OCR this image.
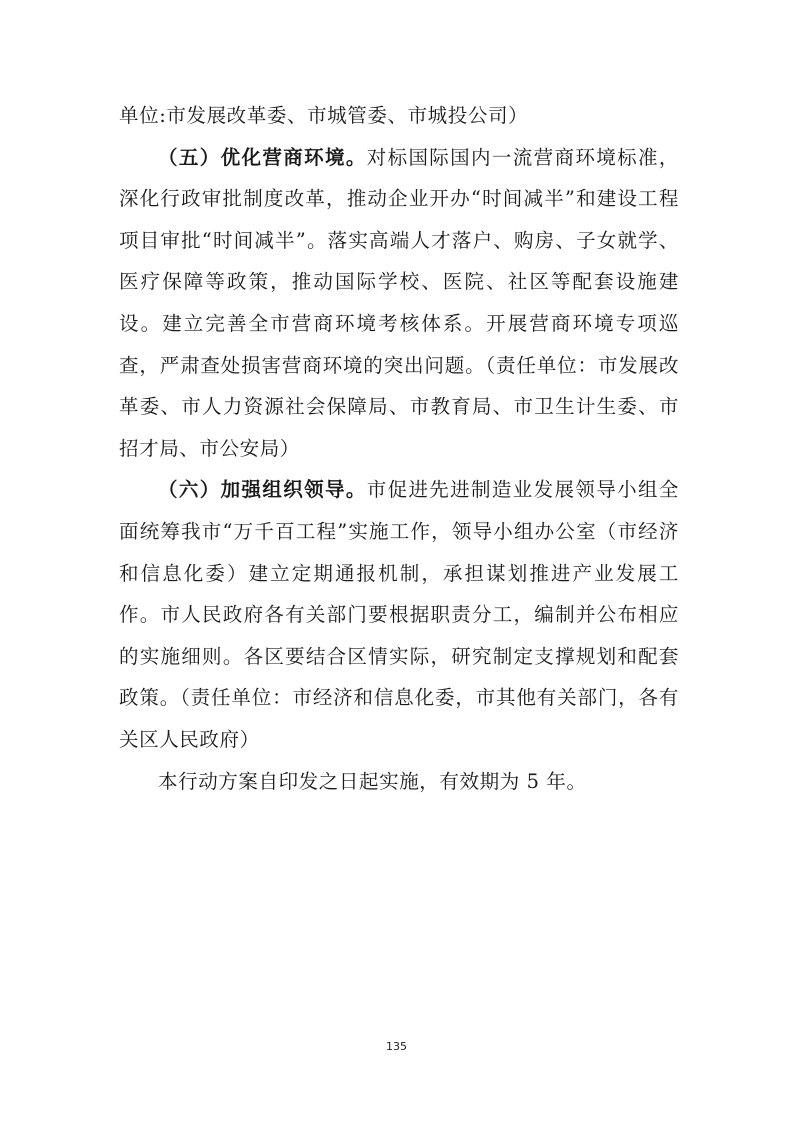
单位:市发展改革委、市城管委、市城投公司）

（五）优化营商环境。对标国际国内一流营商环境标准，深化行政审批制度改革，推动企业开办“时间减半”和建设工程项目审批“时间减半”。落实高端人才落户、购房、子女就学、医疗保障等政策，推动国际学校、医院、社区等配套设施建设。建立完善全市营商环境考核体系。开展营商环境专项巡查，严肃查处损害营商环境的突出问题。（责任单位：市发展改革委、市人力资源社会保障局、市教育局、市卫生计生委、市招才局、市公安局）

（六）加强组织领导。市促进先进制造业发展领导小组全面统筹我市“万千百工程”实施工作，领导小组办公室（市经济和信息化委）建立定期通报机制，承担谋划推进产业发展工作。市人民政府各有关部门要根据职责分工，编制并公布相应的实施细则。各区要结合区情实际，研究制定支撑规划和配套政策。（责任单位：市经济和信息化委，市其他有关部门，各有关区人民政府）

本行动方案自印发之日起实施，有效期为 5 年。

135
